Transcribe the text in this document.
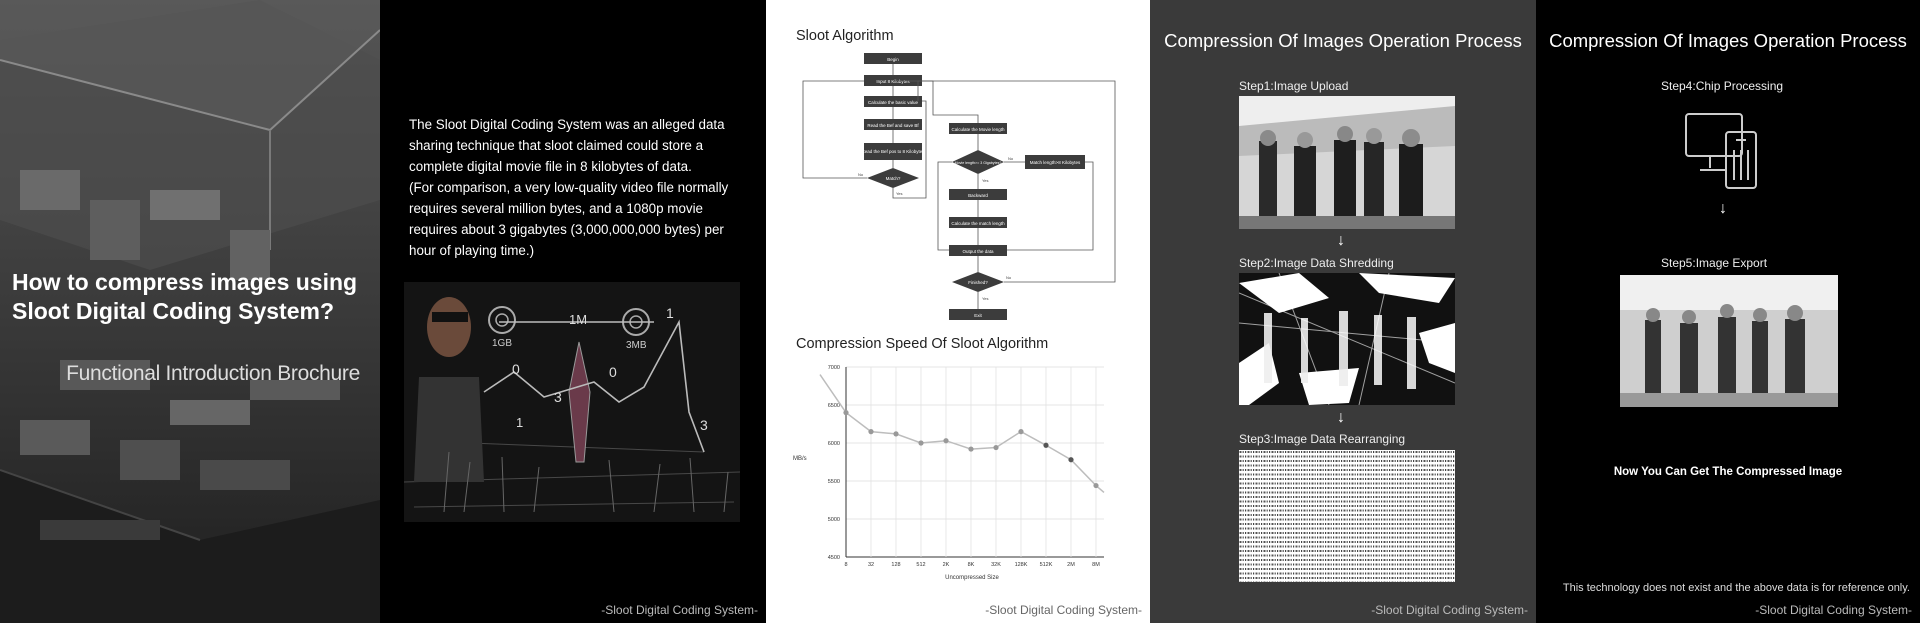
How to compress images using Sloot Digital Coding System?
Functional Introduction Brochure
The Sloot Digital Coding System was an alleged data sharing technique that sloot claimed could store a complete digital movie file in 8 kilobytes of data.
(For comparison, a very low-quality video file normally requires several million bytes, and a 1080p movie requires about 3 gigabytes (3,000,000,000 bytes) per hour of playing time.)
1GB
1M
3MB
0
3
0
1
3
1
-Sloot Digital Coding System-
Sloot Algorithm
Begin
Input 8 Kilobytes
Calculate the basic value
Read the Bef and save Bf
Read the Bef pos to 8 Kilobytes
Match?
Calculate the Movie length
Movie length>= 3 Gigabytes?	Match length>8 Kilobytes
Backward
Calculate the match length
Output the data
Finished?
Exit
No
Yes
Yes
No
No
Yes
Compression Speed Of Sloot Algorithm
4500
5000
5500
6000
6500
7000
8	32	128	512	2K	8K	32K 128K 512K	2M	8M
MB/s
Uncompressed Size
-Sloot Digital Coding System-
Compression Of Images Operation Process
Step1:Image Upload
↓
Step2:Image Data Shredding
↓
Step3:Image Data Rearranging
-Sloot Digital Coding System-
Compression Of Images Operation Process
Step4:Chip Processing
↓
Step5:Image Export
Now You Can Get The Compressed Image
This technology does not exist and the above data is for reference only.
-Sloot Digital Coding System-
